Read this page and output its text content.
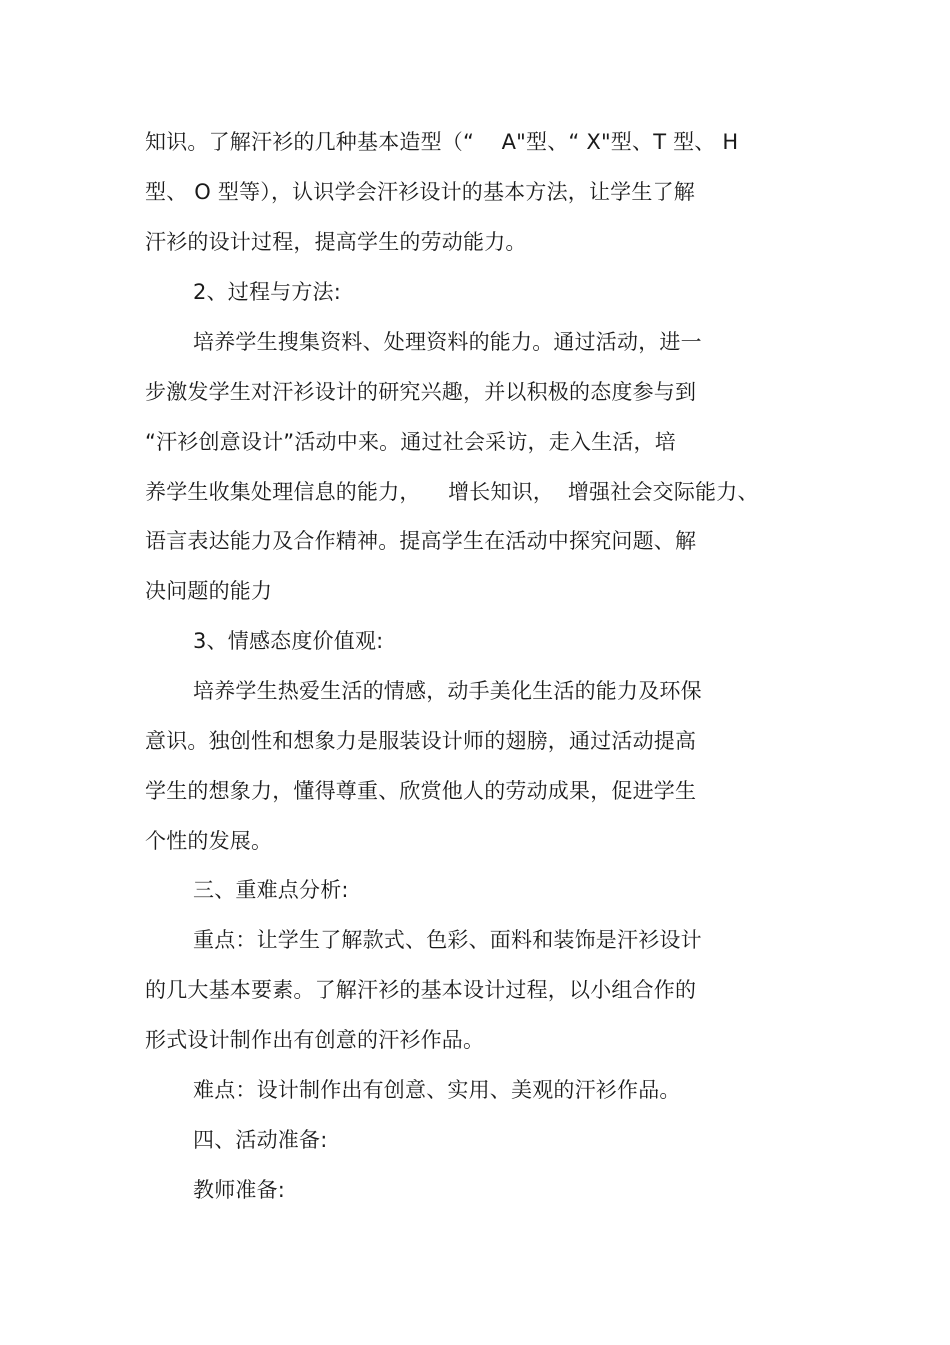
知识。了解汗衫的几种基本造型（“    A"型、“ X"型、T 型、 H
型、 O 型等），认识学会汗衫设计的基本方法，让学生了解
汗衫的设计过程，提高学生的劳动能力。
2、过程与方法:
培养学生搜集资料、处理资料的能力。通过活动，进一
步激发学生对汗衫设计的研究兴趣，并以积极的态度参与到
“汗衫创意设计”活动中来。通过社会采访，走入生活，培
养学生收集处理信息的能力，    增长知识，  增强社会交际能力、
语言表达能力及合作精神。提高学生在活动中探究问题、解
决问题的能力
3、情感态度价值观:
培养学生热爱生活的情感，动手美化生活的能力及环保
意识。独创性和想象力是服装设计师的翅膀，通过活动提高
学生的想象力，懂得尊重、欣赏他人的劳动成果，促进学生
个性的发展。
三、重难点分析:
重点：让学生了解款式、色彩、面料和装饰是汗衫设计
的几大基本要素。了解汗衫的基本设计过程，以小组合作的
形式设计制作出有创意的汗衫作品。
难点：设计制作出有创意、实用、美观的汗衫作品。
四、活动准备:
教师准备:
